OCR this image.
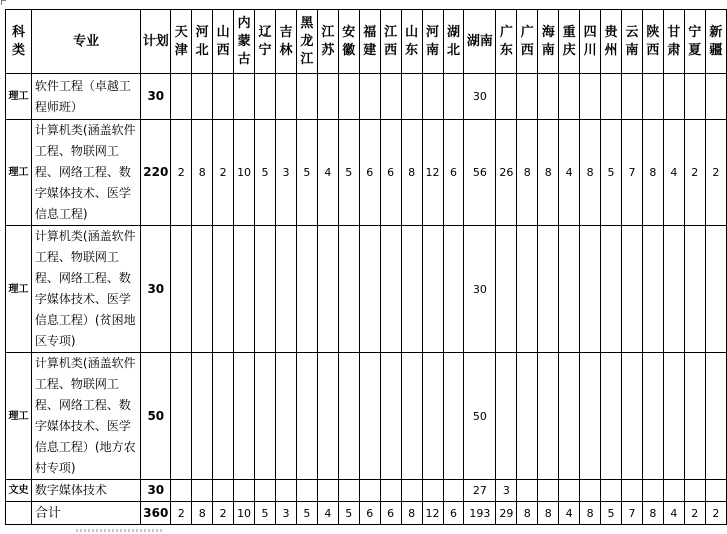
科类	专业	计划	天津	河北	山西	内蒙古	辽宁	吉林	黑龙江	江苏	安徽	福建	江西	山东	河南	湖北	湖南	广东	广西	海南	重庆	四川	贵州	云南	陕西	甘肃	宁夏	新疆
理工	软件工程（卓越工程师班）	30															30											
理工	计算机类(涵盖软件工程、物联网工程、网络工程、数字媒体技术、医学信息工程)	220	2	8	2	10	5	3	5	4	5	6	6	8	12	6	56	26	8	8	4	8	5	7	8	4	2	2
理工	计算机类(涵盖软件工程、物联网工程、网络工程、数字媒体技术、医学信息工程）(贫困地区专项)	30															30											
理工	计算机类(涵盖软件工程、物联网工程、网络工程、数字媒体技术、医学信息工程）(地方农村专项)	50															50											
文史	数字媒体技术	30															27	3										
	合计	360	2	8	2	10	5	3	5	4	5	6	6	8	12	6	193	29	8	8	4	8	5	7	8	4	2	2
